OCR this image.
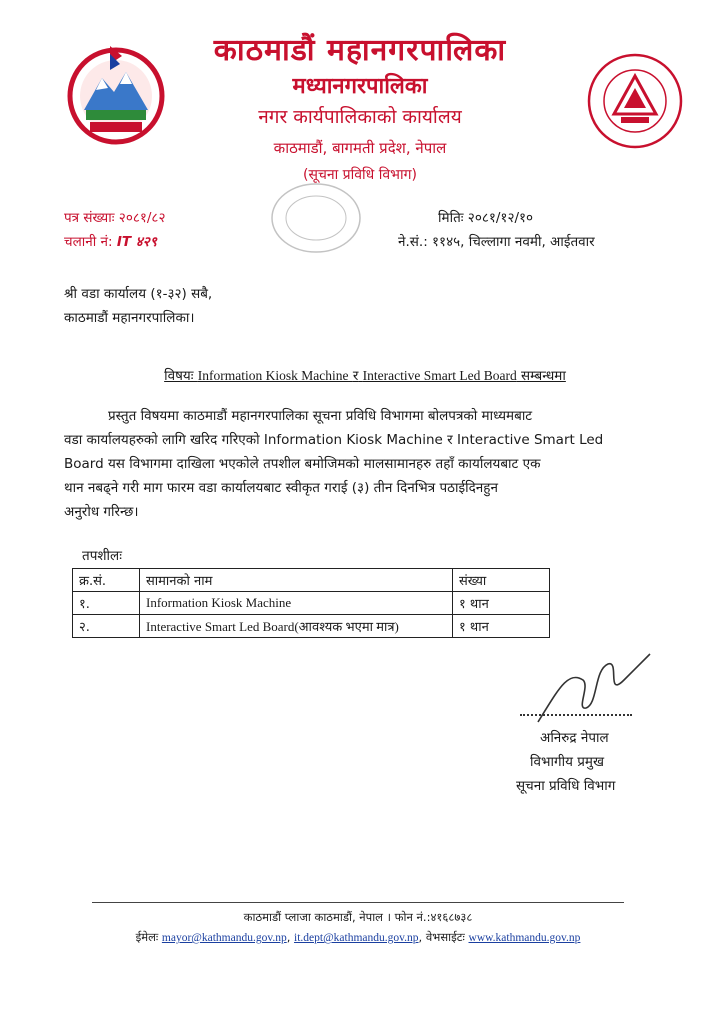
काठमाडौं महानगरपालिका
मध्यानगरपालिका
नगर कार्यपालिकाको कार्यालय
काठमाडौं, बागमती प्रदेश, नेपाल
(सूचना प्रविधि विभाग)
पत्र संख्याः २०८१/८२
चलानी नं: IT ४२९
मितिः २०८१/१२/१०
ने.सं.: ११४५, चिल्लागा नवमी, आईतवार
श्री वडा कार्यालय (१-३२) सबै,
काठमाडौं महानगरपालिका।
विषयः Information Kiosk Machine र Interactive Smart Led Board सम्बन्धमा
प्रस्तुत विषयमा काठमाडौं महानगरपालिका सूचना प्रविधि विभागमा बोलपत्रको माध्यमबाट
वडा कार्यालयहरुको लागि खरिद गरिएको Information Kiosk Machine र Interactive Smart Led
Board यस विभागमा दाखिला भएकोले तपशील बमोजिमको मालसामानहरु तहाँ कार्यालयबाट एक
थान नबढ्ने गरी माग फारम वडा कार्यालयबाट स्वीकृत गराई (३) तीन दिनभित्र पठाईदिनहुन
अनुरोध गरिन्छ।
तपशीलः
क्र.सं.	सामानको नाम	संख्या
१.	Information Kiosk Machine	१ थान
२.	Interactive Smart Led Board(आवश्यक भएमा मात्र)	१ थान
अनिरुद्र नेपाल
विभागीय प्रमुख
सूचना प्रविधि विभाग
काठमाडौं प्लाजा काठमाडौं, नेपाल । फोन नं.:४१६८७३८
ईमेलः mayor@kathmandu.gov.np, it.dept@kathmandu.gov.np, वेभसाईटः www.kathmandu.gov.np
